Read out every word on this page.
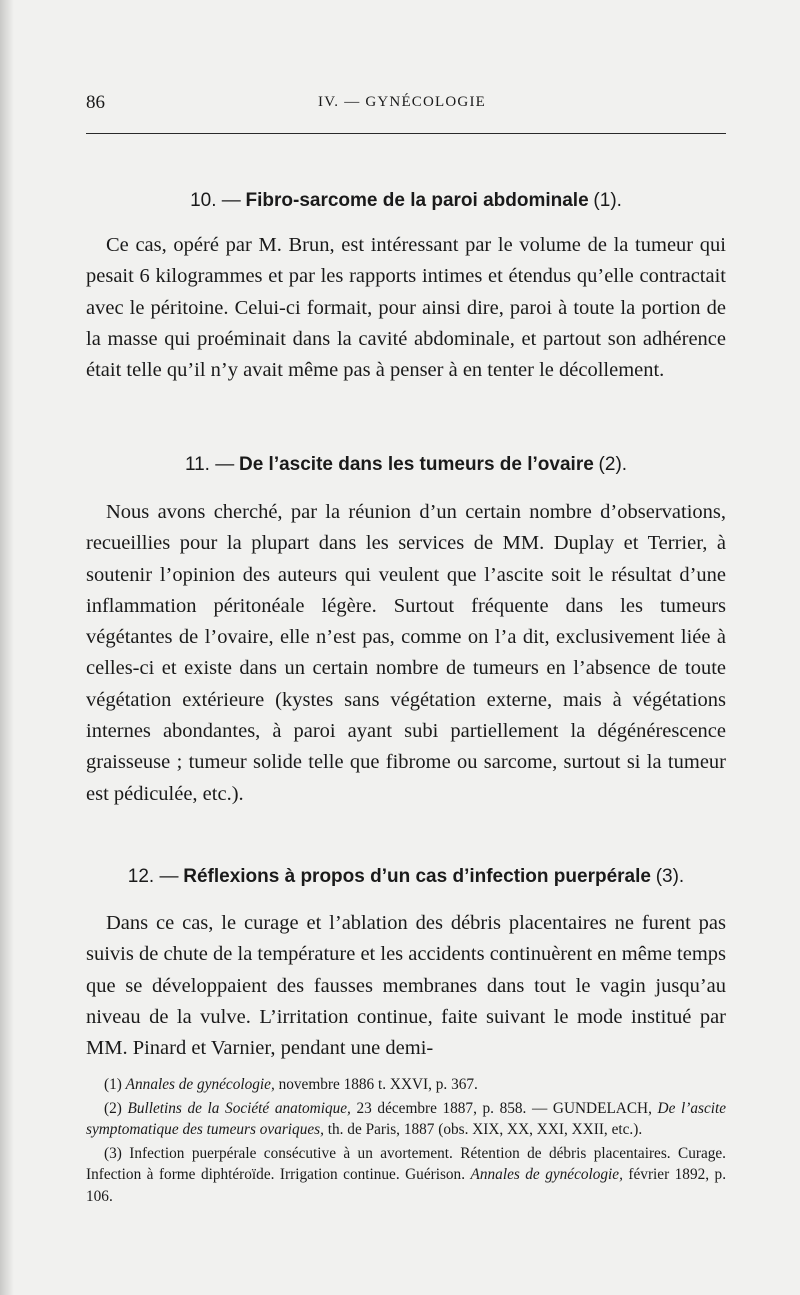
86	IV. — GYNÉCOLOGIE
10. — Fibro-sarcome de la paroi abdominale (1).

Ce cas, opéré par M. Brun, est intéressant par le volume de la tumeur qui pesait 6 kilogrammes et par les rapports intimes et étendus qu’elle contractait avec le péritoine. Celui-ci formait, pour ainsi dire, paroi à toute la portion de la masse qui proéminait dans la cavité abdominale, et partout son adhérence était telle qu’il n’y avait même pas à penser à en tenter le décollement.

11. — De l’ascite dans les tumeurs de l’ovaire (2).

Nous avons cherché, par la réunion d’un certain nombre d’observations, recueillies pour la plupart dans les services de MM. Duplay et Terrier, à soutenir l’opinion des auteurs qui veulent que l’ascite soit le résultat d’une inflammation péritonéale légère. Surtout fréquente dans les tumeurs végétantes de l’ovaire, elle n’est pas, comme on l’a dit, exclusivement liée à celles-ci et existe dans un certain nombre de tumeurs en l’absence de toute végétation extérieure (kystes sans végétation externe, mais à végétations internes abondantes, à paroi ayant subi partiellement la dégénérescence graisseuse ; tumeur solide telle que fibrome ou sarcome, surtout si la tumeur est pédiculée, etc.).

12. — Réflexions à propos d’un cas d’infection puerpérale (3).

Dans ce cas, le curage et l’ablation des débris placentaires ne furent pas suivis de chute de la température et les accidents continuèrent en même temps que se développaient des fausses membranes dans tout le vagin jusqu’au niveau de la vulve. L’irritation continue, faite suivant le mode institué par MM. Pinard et Varnier, pendant une demi-

(1) Annales de gynécologie, novembre 1886 t. XXVI, p. 367.

(2) Bulletins de la Société anatomique, 23 décembre 1887, p. 858. — GUNDELACH, De l’ascite symptomatique des tumeurs ovariques, th. de Paris, 1887 (obs. XIX, XX, XXI, XXII, etc.).

(3) Infection puerpérale consécutive à un avortement. Rétention de débris placentaires. Curage. Infection à forme diphtéroïde. Irrigation continue. Guérison. Annales de gynécologie, février 1892, p. 106.
